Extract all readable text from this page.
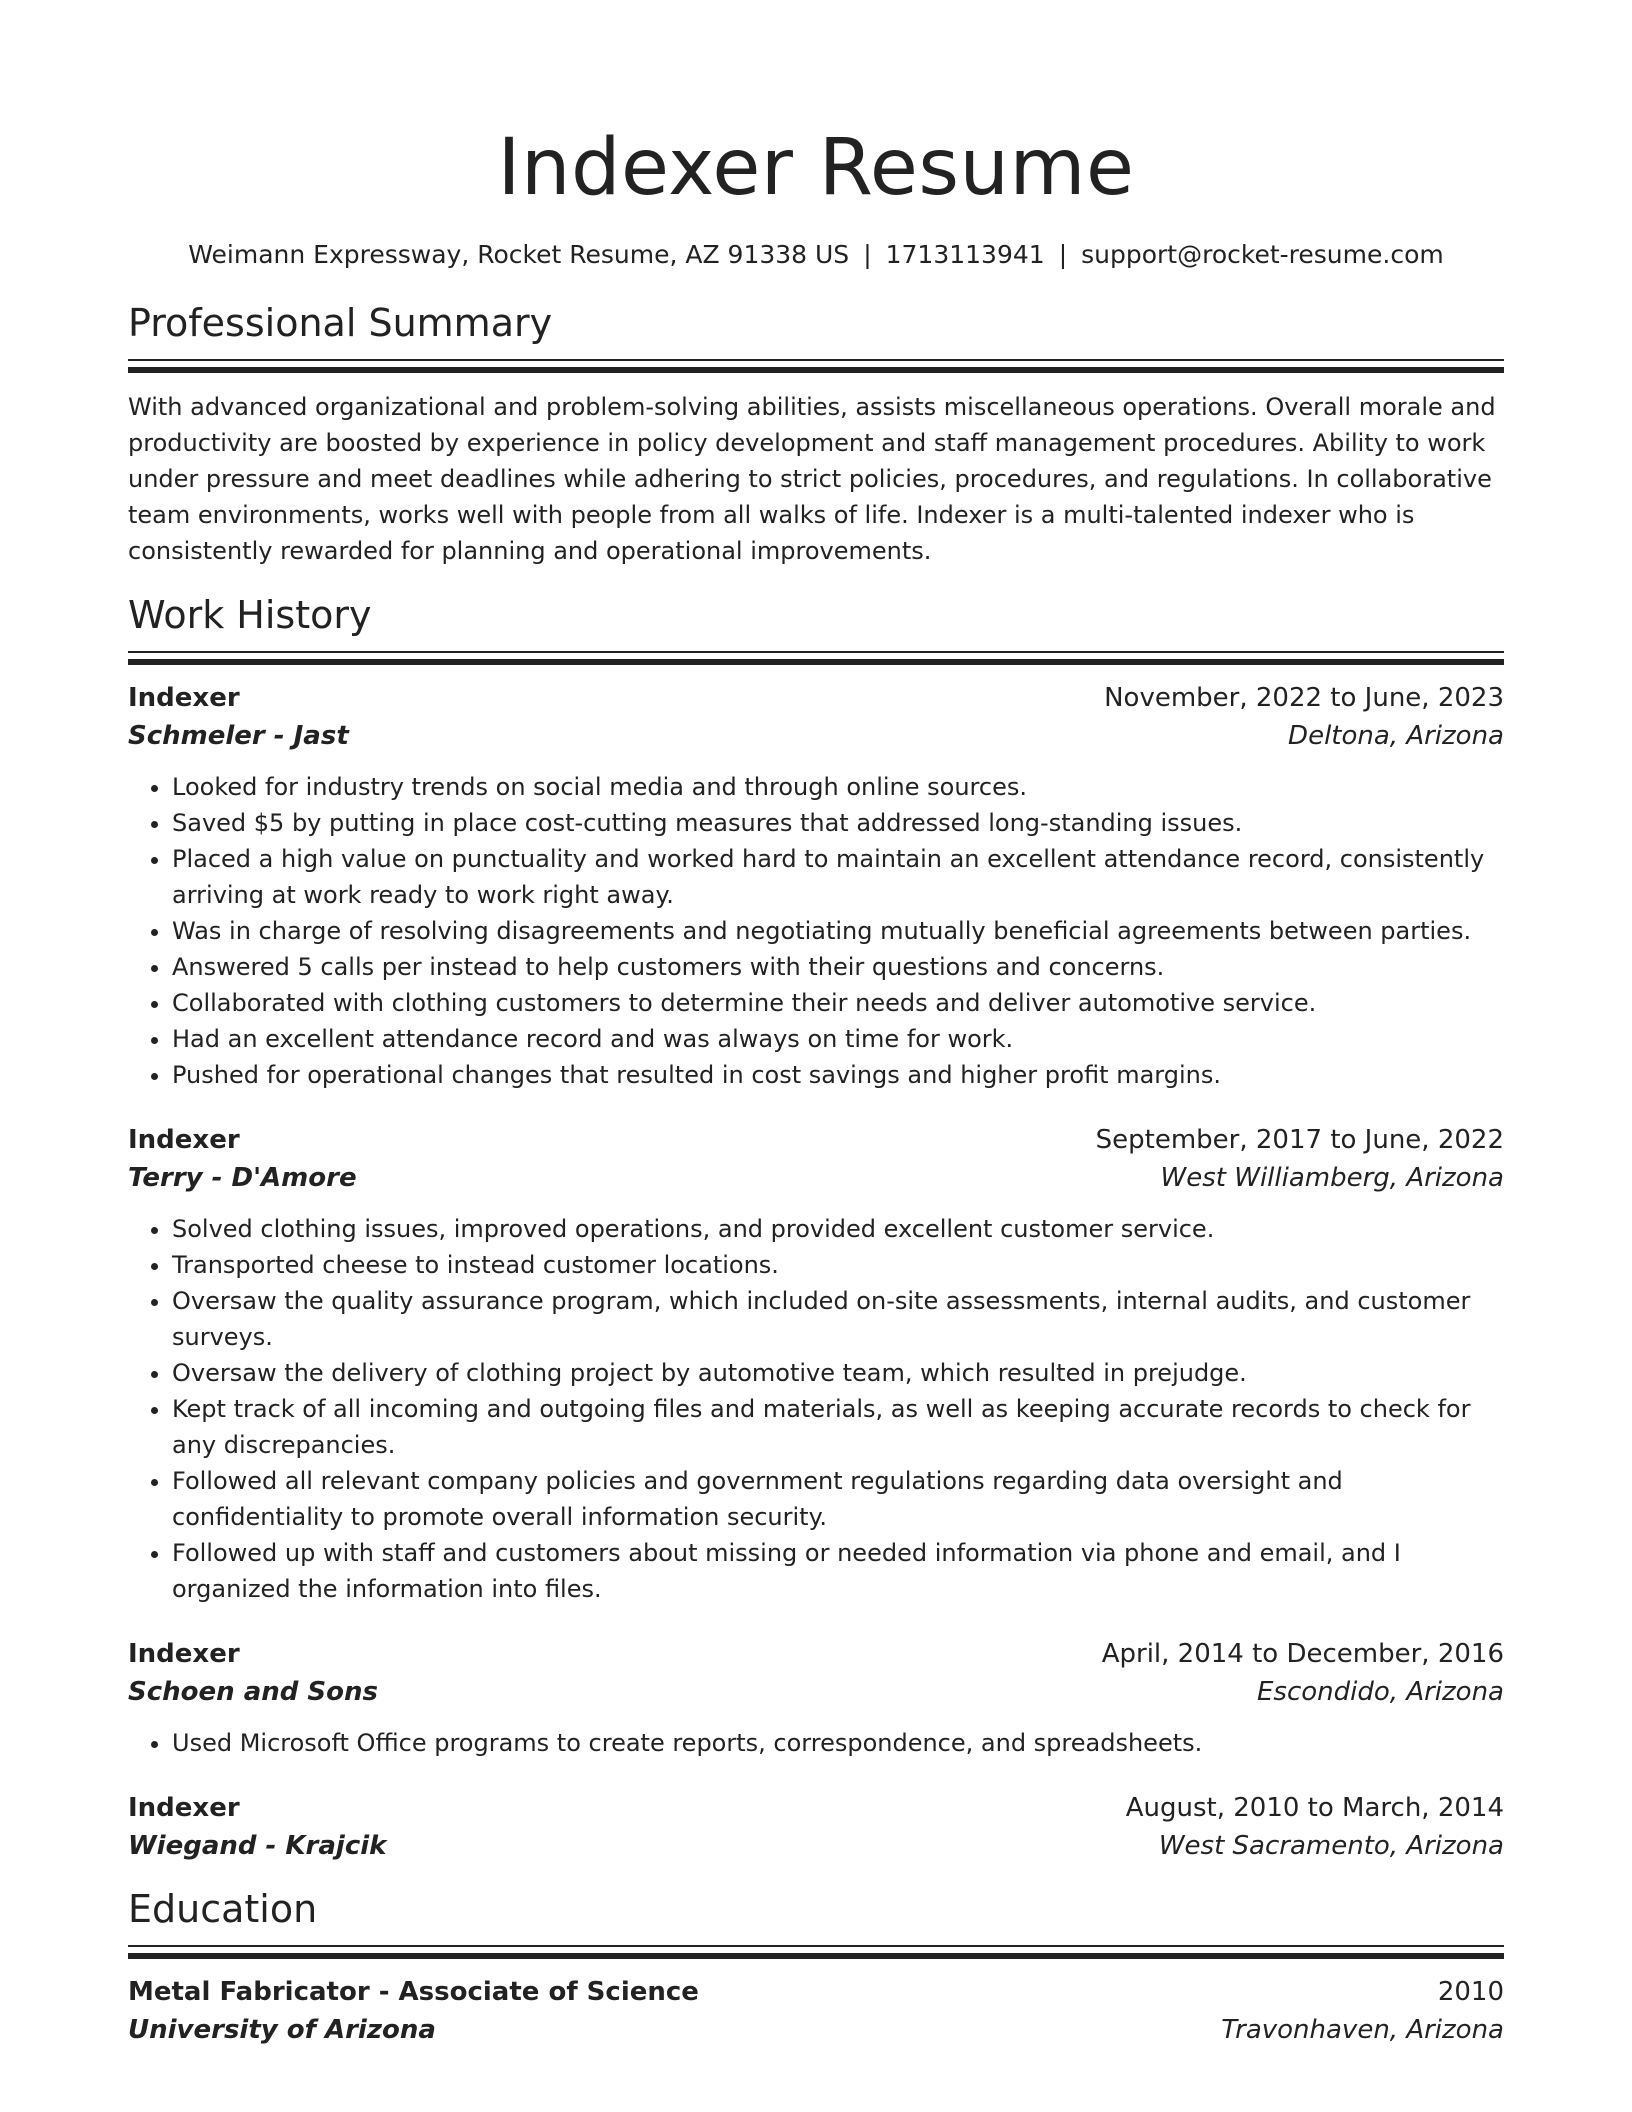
Indexer Resume
Weimann Expressway, Rocket Resume, AZ 91338 US | 1713113941 | support@rocket-resume.com
Professional Summary

With advanced organizational and problem-solving abilities, assists miscellaneous operations. Overall morale and productivity are boosted by experience in policy development and staff management procedures. Ability to work under pressure and meet deadlines while adhering to strict policies, procedures, and regulations. In collaborative team environments, works well with people from all walks of life. Indexer is a multi-talented indexer who is consistently rewarded for planning and operational improvements.

Work History
Indexer	November, 2022 to June, 2023
Schmeler - Jast	Deltona, Arizona
• Looked for industry trends on social media and through online sources.
• Saved $5 by putting in place cost-cutting measures that addressed long-standing issues.
• Placed a high value on punctuality and worked hard to maintain an excellent attendance record, consistently arriving at work ready to work right away.
• Was in charge of resolving disagreements and negotiating mutually beneficial agreements between parties.
• Answered 5 calls per instead to help customers with their questions and concerns.
• Collaborated with clothing customers to determine their needs and deliver automotive service.
• Had an excellent attendance record and was always on time for work.
• Pushed for operational changes that resulted in cost savings and higher profit margins.
Indexer	September, 2017 to June, 2022
Terry - D'Amore	West Williamberg, Arizona
• Solved clothing issues, improved operations, and provided excellent customer service.
• Transported cheese to instead customer locations.
• Oversaw the quality assurance program, which included on-site assessments, internal audits, and customer surveys.
• Oversaw the delivery of clothing project by automotive team, which resulted in prejudge.
• Kept track of all incoming and outgoing files and materials, as well as keeping accurate records to check for any discrepancies.
• Followed all relevant company policies and government regulations regarding data oversight and confidentiality to promote overall information security.
• Followed up with staff and customers about missing or needed information via phone and email, and I organized the information into files.
Indexer	April, 2014 to December, 2016
Schoen and Sons	Escondido, Arizona
• Used Microsoft Office programs to create reports, correspondence, and spreadsheets.
Indexer	August, 2010 to March, 2014
Wiegand - Krajcik	West Sacramento, Arizona
Education
Metal Fabricator - Associate of Science	2010
University of Arizona	Travonhaven, Arizona
